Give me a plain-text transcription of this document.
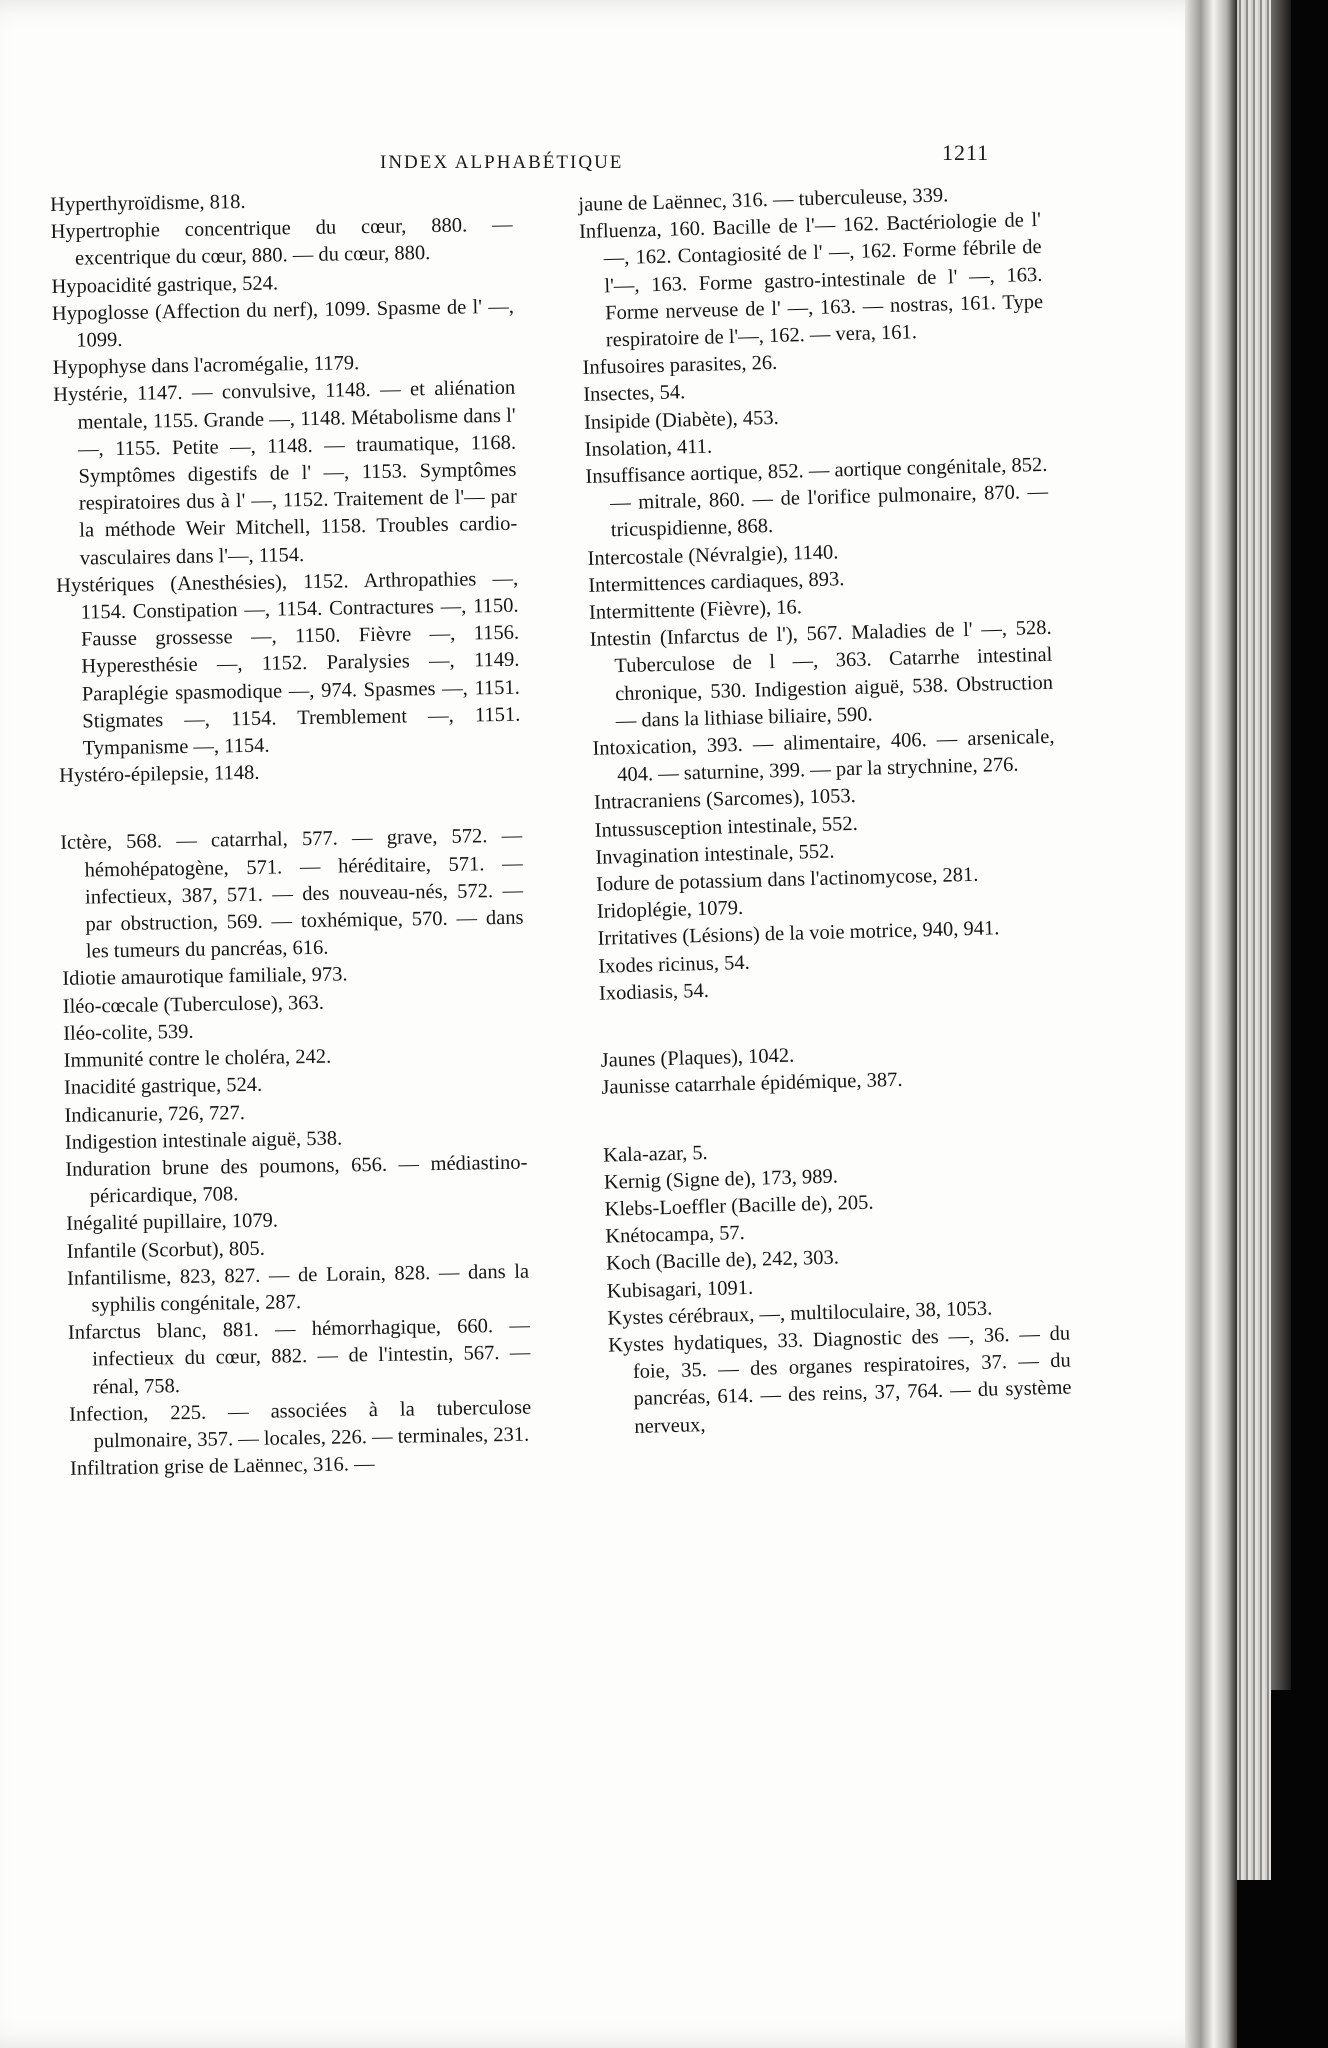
INDEX ALPHABÉTIQUE	1211

Hyperthyroïdisme, 818.

Hypertrophie concentrique du cœur, 880. — excentrique du cœur, 880. — du cœur, 880.

Hypoacidité gastrique, 524.

Hypoglosse (Affection du nerf), 1099. Spasme de l' —, 1099.

Hypophyse dans l'acromégalie, 1179.

Hystérie, 1147. — convulsive, 1148. — et aliénation mentale, 1155. Grande —, 1148. Métabolisme dans l' —, 1155. Petite —, 1148. — traumatique, 1168. Symptômes digestifs de l' —, 1153. Symptômes respiratoires dus à l' —, 1152. Traitement de l'— par la méthode Weir Mitchell, 1158. Troubles cardio-vasculaires dans l'—, 1154.

Hystériques (Anesthésies), 1152. Arthropathies —, 1154. Constipation —, 1154. Contractures —, 1150. Fausse grossesse —, 1150. Fièvre —, 1156. Hyperesthésie —, 1152. Paralysies —, 1149. Paraplégie spasmodique —, 974. Spasmes —, 1151. Stigmates —, 1154. Tremblement —, 1151. Tympanisme —, 1154.

Hystéro-épilepsie, 1148.

Ictère, 568. — catarrhal, 577. — grave, 572. — hémohépatogène, 571. — héréditaire, 571. — infectieux, 387, 571. — des nouveau-nés, 572. — par obstruction, 569. — toxhémique, 570. — dans les tumeurs du pancréas, 616.

Idiotie amaurotique familiale, 973.

Iléo-cœcale (Tuberculose), 363.

Iléo-colite, 539.

Immunité contre le choléra, 242.

Inacidité gastrique, 524.

Indicanurie, 726, 727.

Indigestion intestinale aiguë, 538.

Induration brune des poumons, 656. — médiastino-péricardique, 708.

Inégalité pupillaire, 1079.

Infantile (Scorbut), 805.

Infantilisme, 823, 827. — de Lorain, 828. — dans la syphilis congénitale, 287.

Infarctus blanc, 881. — hémorrhagique, 660. — infectieux du cœur, 882. — de l'intestin, 567. — rénal, 758.

Infection, 225. — associées à la tuberculose pulmonaire, 357. — locales, 226. — terminales, 231.

Infiltration grise de Laënnec, 316. —

jaune de Laënnec, 316. — tuberculeuse, 339.

Influenza, 160. Bacille de l'— 162. Bactériologie de l' —, 162. Contagiosité de l' —, 162. Forme fébrile de l'—, 163. Forme gastro-intestinale de l' —, 163. Forme nerveuse de l' —, 163. — nostras, 161. Type respiratoire de l'—, 162. — vera, 161.

Infusoires parasites, 26.

Insectes, 54.

Insipide (Diabète), 453.

Insolation, 411.

Insuffisance aortique, 852. — aortique congénitale, 852. — mitrale, 860. — de l'orifice pulmonaire, 870. — tricuspidienne, 868.

Intercostale (Névralgie), 1140.

Intermittences cardiaques, 893.

Intermittente (Fièvre), 16.

Intestin (Infarctus de l'), 567. Maladies de l' —, 528. Tuberculose de l —, 363. Catarrhe intestinal chronique, 530. Indigestion aiguë, 538. Obstruction — dans la lithiase biliaire, 590.

Intoxication, 393. — alimentaire, 406. — arsenicale, 404. — saturnine, 399. — par la strychnine, 276.

Intracraniens (Sarcomes), 1053.

Intussusception intestinale, 552.

Invagination intestinale, 552.

Iodure de potassium dans l'actinomycose, 281.

Iridoplégie, 1079.

Irritatives (Lésions) de la voie motrice, 940, 941.

Ixodes ricinus, 54.

Ixodiasis, 54.

Jaunes (Plaques), 1042.

Jaunisse catarrhale épidémique, 387.

Kala-azar, 5.

Kernig (Signe de), 173, 989.

Klebs-Loeffler (Bacille de), 205.

Knétocampa, 57.

Koch (Bacille de), 242, 303.

Kubisagari, 1091.

Kystes cérébraux, —, multiloculaire, 38, 1053.

Kystes hydatiques, 33. Diagnostic des —, 36. — du foie, 35. — des organes respiratoires, 37. — du pancréas, 614. — des reins, 37, 764. — du système nerveux,
